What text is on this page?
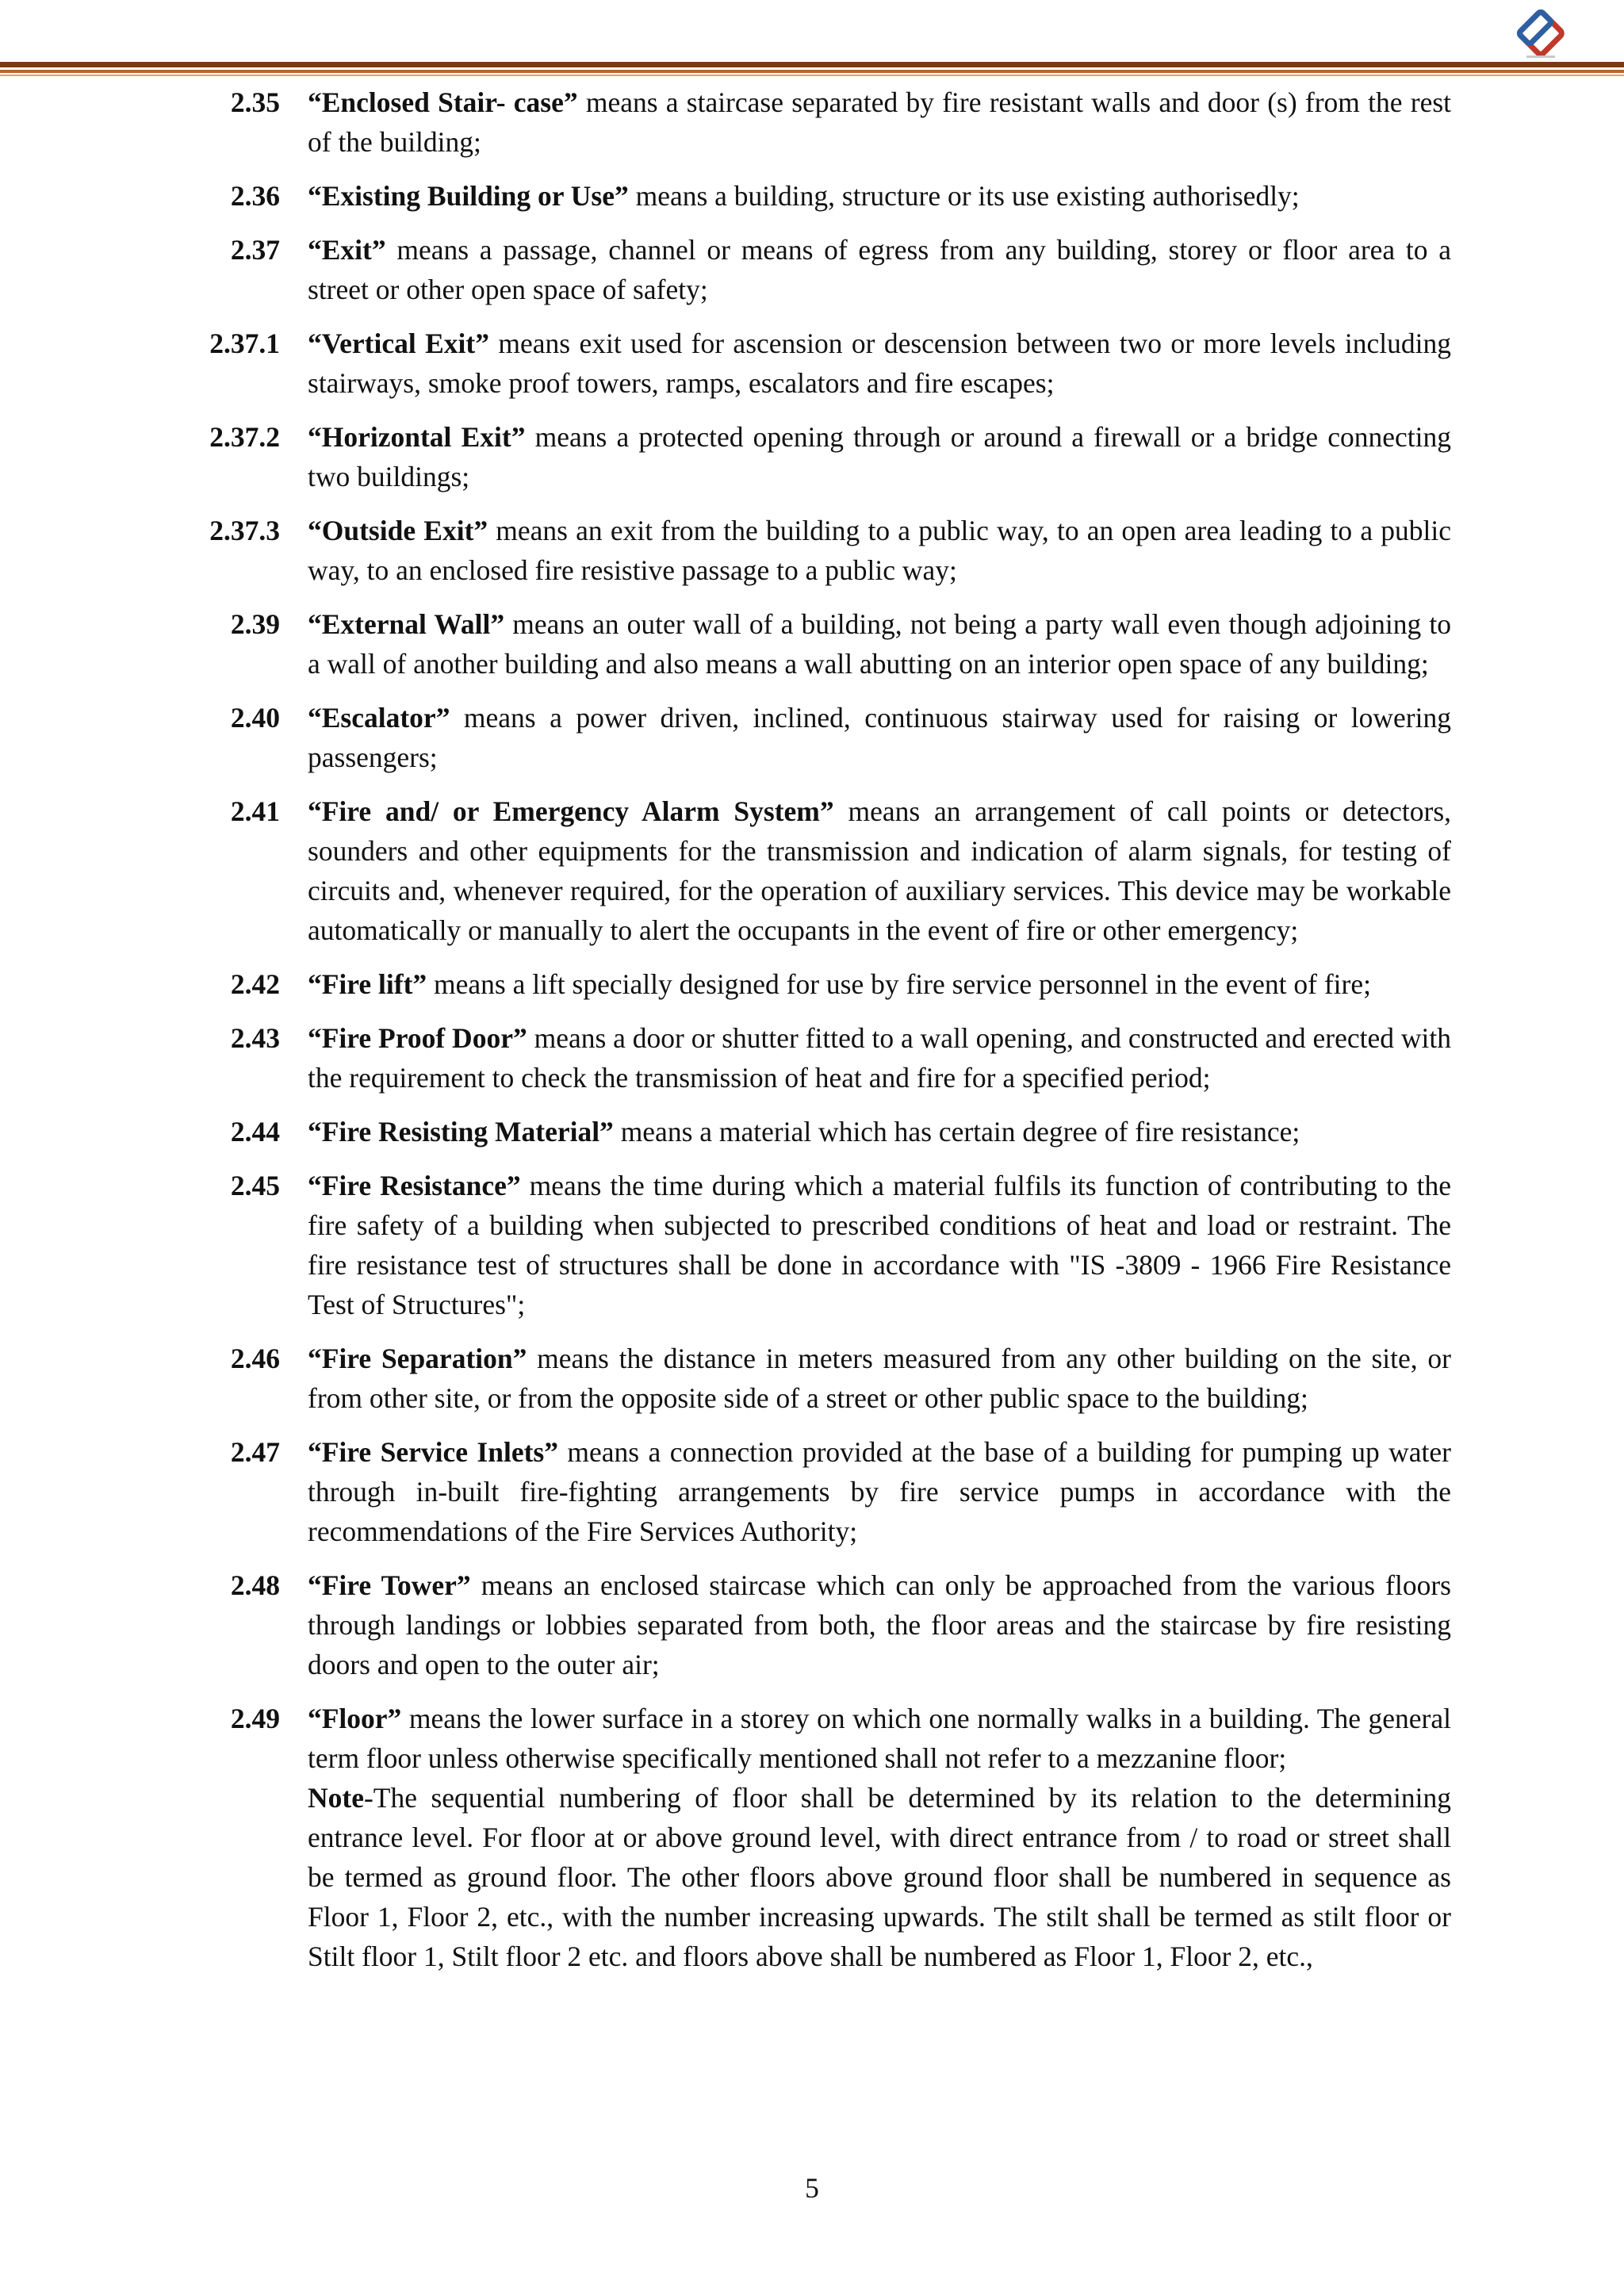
2.35 “Enclosed Stair- case” means a staircase separated by fire resistant walls and door (s) from the rest of the building;
2.36 “Existing Building or Use” means a building, structure or its use existing authorisedly;
2.37 “Exit” means a passage, channel or means of egress from any building, storey or floor area to a street or other open space of safety;
2.37.1 “Vertical Exit” means exit used for ascension or descension between two or more levels including stairways, smoke proof towers, ramps, escalators and fire escapes;
2.37.2 “Horizontal Exit” means a protected opening through or around a firewall or a bridge connecting two buildings;
2.37.3 “Outside Exit” means an exit from the building to a public way, to an open area leading to a public way, to an enclosed fire resistive passage to a public way;
2.39 “External Wall” means an outer wall of a building, not being a party wall even though adjoining to a wall of another building and also means a wall abutting on an interior open space of any building;
2.40 “Escalator” means a power driven, inclined, continuous stairway used for raising or lowering passengers;
2.41 “Fire and/ or Emergency Alarm System” means an arrangement of call points or detectors, sounders and other equipments for the transmission and indication of alarm signals, for testing of circuits and, whenever required, for the operation of auxiliary services. This device may be workable automatically or manually to alert the occupants in the event of fire or other emergency;
2.42 “Fire lift” means a lift specially designed for use by fire service personnel in the event of fire;
2.43 “Fire Proof Door” means a door or shutter fitted to a wall opening, and constructed and erected with the requirement to check the transmission of heat and fire for a specified period;
2.44 “Fire Resisting Material” means a material which has certain degree of fire resistance;
2.45 “Fire Resistance” means the time during which a material fulfils its function of contributing to the fire safety of a building when subjected to prescribed conditions of heat and load or restraint. The fire resistance test of structures shall be done in accordance with "IS -3809 - 1966 Fire Resistance Test of Structures";
2.46 “Fire Separation” means the distance in meters measured from any other building on the site, or from other site, or from the opposite side of a street or other public space to the building;
2.47 “Fire Service Inlets” means a connection provided at the base of a building for pumping up water through in-built fire-fighting arrangements by fire service pumps in accordance with the recommendations of the Fire Services Authority;
2.48 “Fire Tower” means an enclosed staircase which can only be approached from the various floors through landings or lobbies separated from both, the floor areas and the staircase by fire resisting doors and open to the outer air;
2.49 “Floor” means the lower surface in a storey on which one normally walks in a building. The general term floor unless otherwise specifically mentioned shall not refer to a mezzanine floor;
Note-The sequential numbering of floor shall be determined by its relation to the determining entrance level. For floor at or above ground level, with direct entrance from / to road or street shall be termed as ground floor. The other floors above ground floor shall be numbered in sequence as Floor 1, Floor 2, etc., with the number increasing upwards. The stilt shall be termed as stilt floor or Stilt floor 1, Stilt floor 2 etc. and floors above shall be numbered as Floor 1, Floor 2, etc.,
5
